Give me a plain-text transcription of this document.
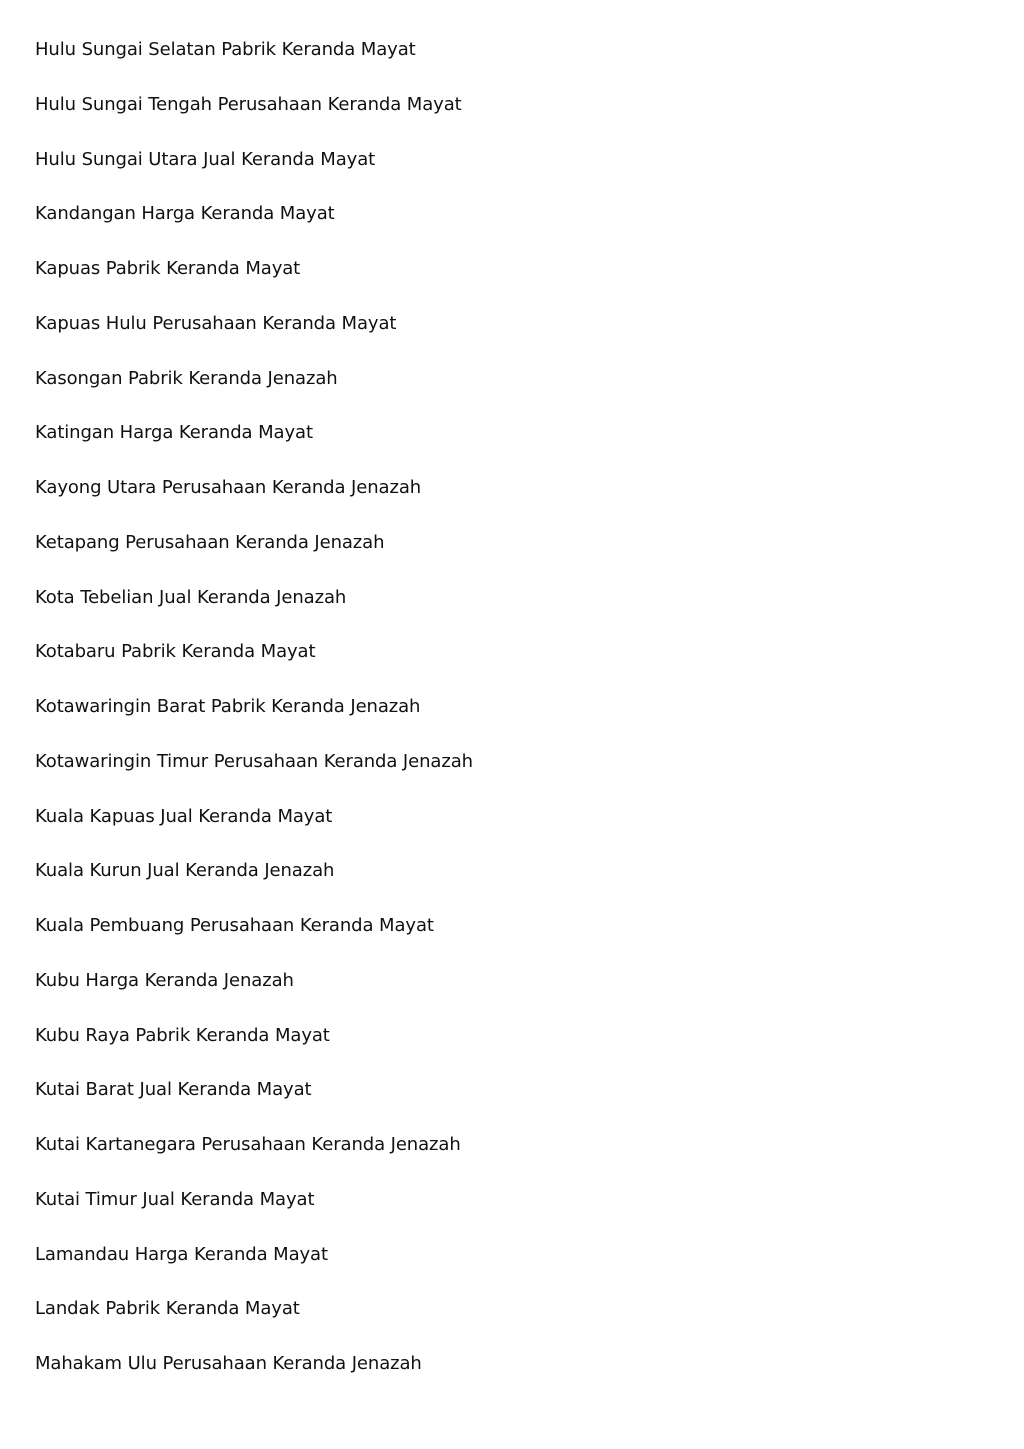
Hulu Sungai Selatan Pabrik Keranda Mayat
Hulu Sungai Tengah Perusahaan Keranda Mayat
Hulu Sungai Utara Jual Keranda Mayat
Kandangan Harga Keranda Mayat
Kapuas Pabrik Keranda Mayat
Kapuas Hulu Perusahaan Keranda Mayat
Kasongan Pabrik Keranda Jenazah
Katingan Harga Keranda Mayat
Kayong Utara Perusahaan Keranda Jenazah
Ketapang Perusahaan Keranda Jenazah
Kota Tebelian Jual Keranda Jenazah
Kotabaru Pabrik Keranda Mayat
Kotawaringin Barat Pabrik Keranda Jenazah
Kotawaringin Timur Perusahaan Keranda Jenazah
Kuala Kapuas Jual Keranda Mayat
Kuala Kurun Jual Keranda Jenazah
Kuala Pembuang Perusahaan Keranda Mayat
Kubu Harga Keranda Jenazah
Kubu Raya Pabrik Keranda Mayat
Kutai Barat Jual Keranda Mayat
Kutai Kartanegara Perusahaan Keranda Jenazah
Kutai Timur Jual Keranda Mayat
Lamandau Harga Keranda Mayat
Landak Pabrik Keranda Mayat
Mahakam Ulu Perusahaan Keranda Jenazah
